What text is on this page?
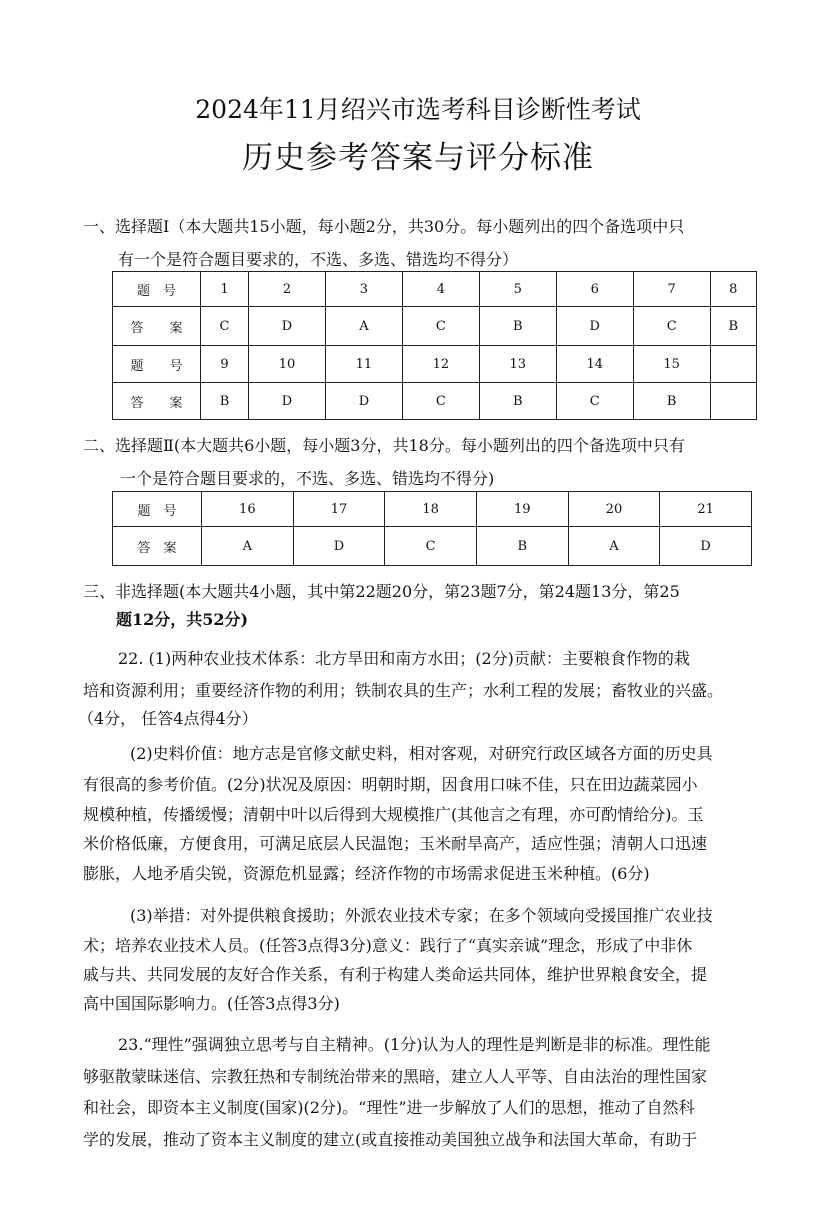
2024年11月绍兴市选考科目诊断性考试
历史参考答案与评分标准
一、选择题Ⅰ（本大题共15小题，每小题2分，共30分。每小题列出的四个备选项中只
有一个是符合题目要求的，不选、多选、错选均不得分）
题　号	1	2	3	4	5	6	7	8
答　　案	C	D	A	C	B	D	C	B
题　　号	9	10	11	12	13	14	15	
答　　案	B	D	D	C	B	C	B	
二、选择题Ⅱ(本大题共6小题，每小题3分，共18分。每小题列出的四个备选项中只有
一个是符合题目要求的，不选、多选、错选均不得分)
题　号	16	17	18	19	20	21
答　案	A	D	C	B	A	D
三、非选择题(本大题共4小题，其中第22题20分，第23题7分，第24题13分，第25
题12分，共52分)
22. (1)两种农业技术体系：北方旱田和南方水田；(2分)贡献：主要粮食作物的栽
培和资源利用；重要经济作物的利用；铁制农具的生产；水利工程的发展；畜牧业的兴盛。
（4分， 任答4点得4分）
(2)史料价值：地方志是官修文献史料，相对客观，对研究行政区域各方面的历史具
有很高的参考价值。(2分)状况及原因：明朝时期，因食用口味不佳，只在田边蔬菜园小
规模种植，传播缓慢；清朝中叶以后得到大规模推广(其他言之有理，亦可酌情给分)。玉
米价格低廉，方便食用，可满足底层人民温饱；玉米耐旱高产，适应性强；清朝人口迅速
膨胀，人地矛盾尖锐，资源危机显露；经济作物的市场需求促进玉米种植。(6分)
(3)举措：对外提供粮食援助；外派农业技术专家；在多个领域向受援国推广农业技
术；培养农业技术人员。(任答3点得3分)意义：践行了“真实亲诚”理念，形成了中非休
戚与共、共同发展的友好合作关系，有利于构建人类命运共同体，维护世界粮食安全，提
高中国国际影响力。(任答3点得3分)
23.“理性”强调独立思考与自主精神。(1分)认为人的理性是判断是非的标准。理性能
够驱散蒙昧迷信、宗教狂热和专制统治带来的黑暗，建立人人平等、自由法治的理性国家
和社会，即资本主义制度(国家)(2分)。“理性”进一步解放了人们的思想，推动了自然科
学的发展，推动了资本主义制度的建立(或直接推动美国独立战争和法国大革命，有助于
